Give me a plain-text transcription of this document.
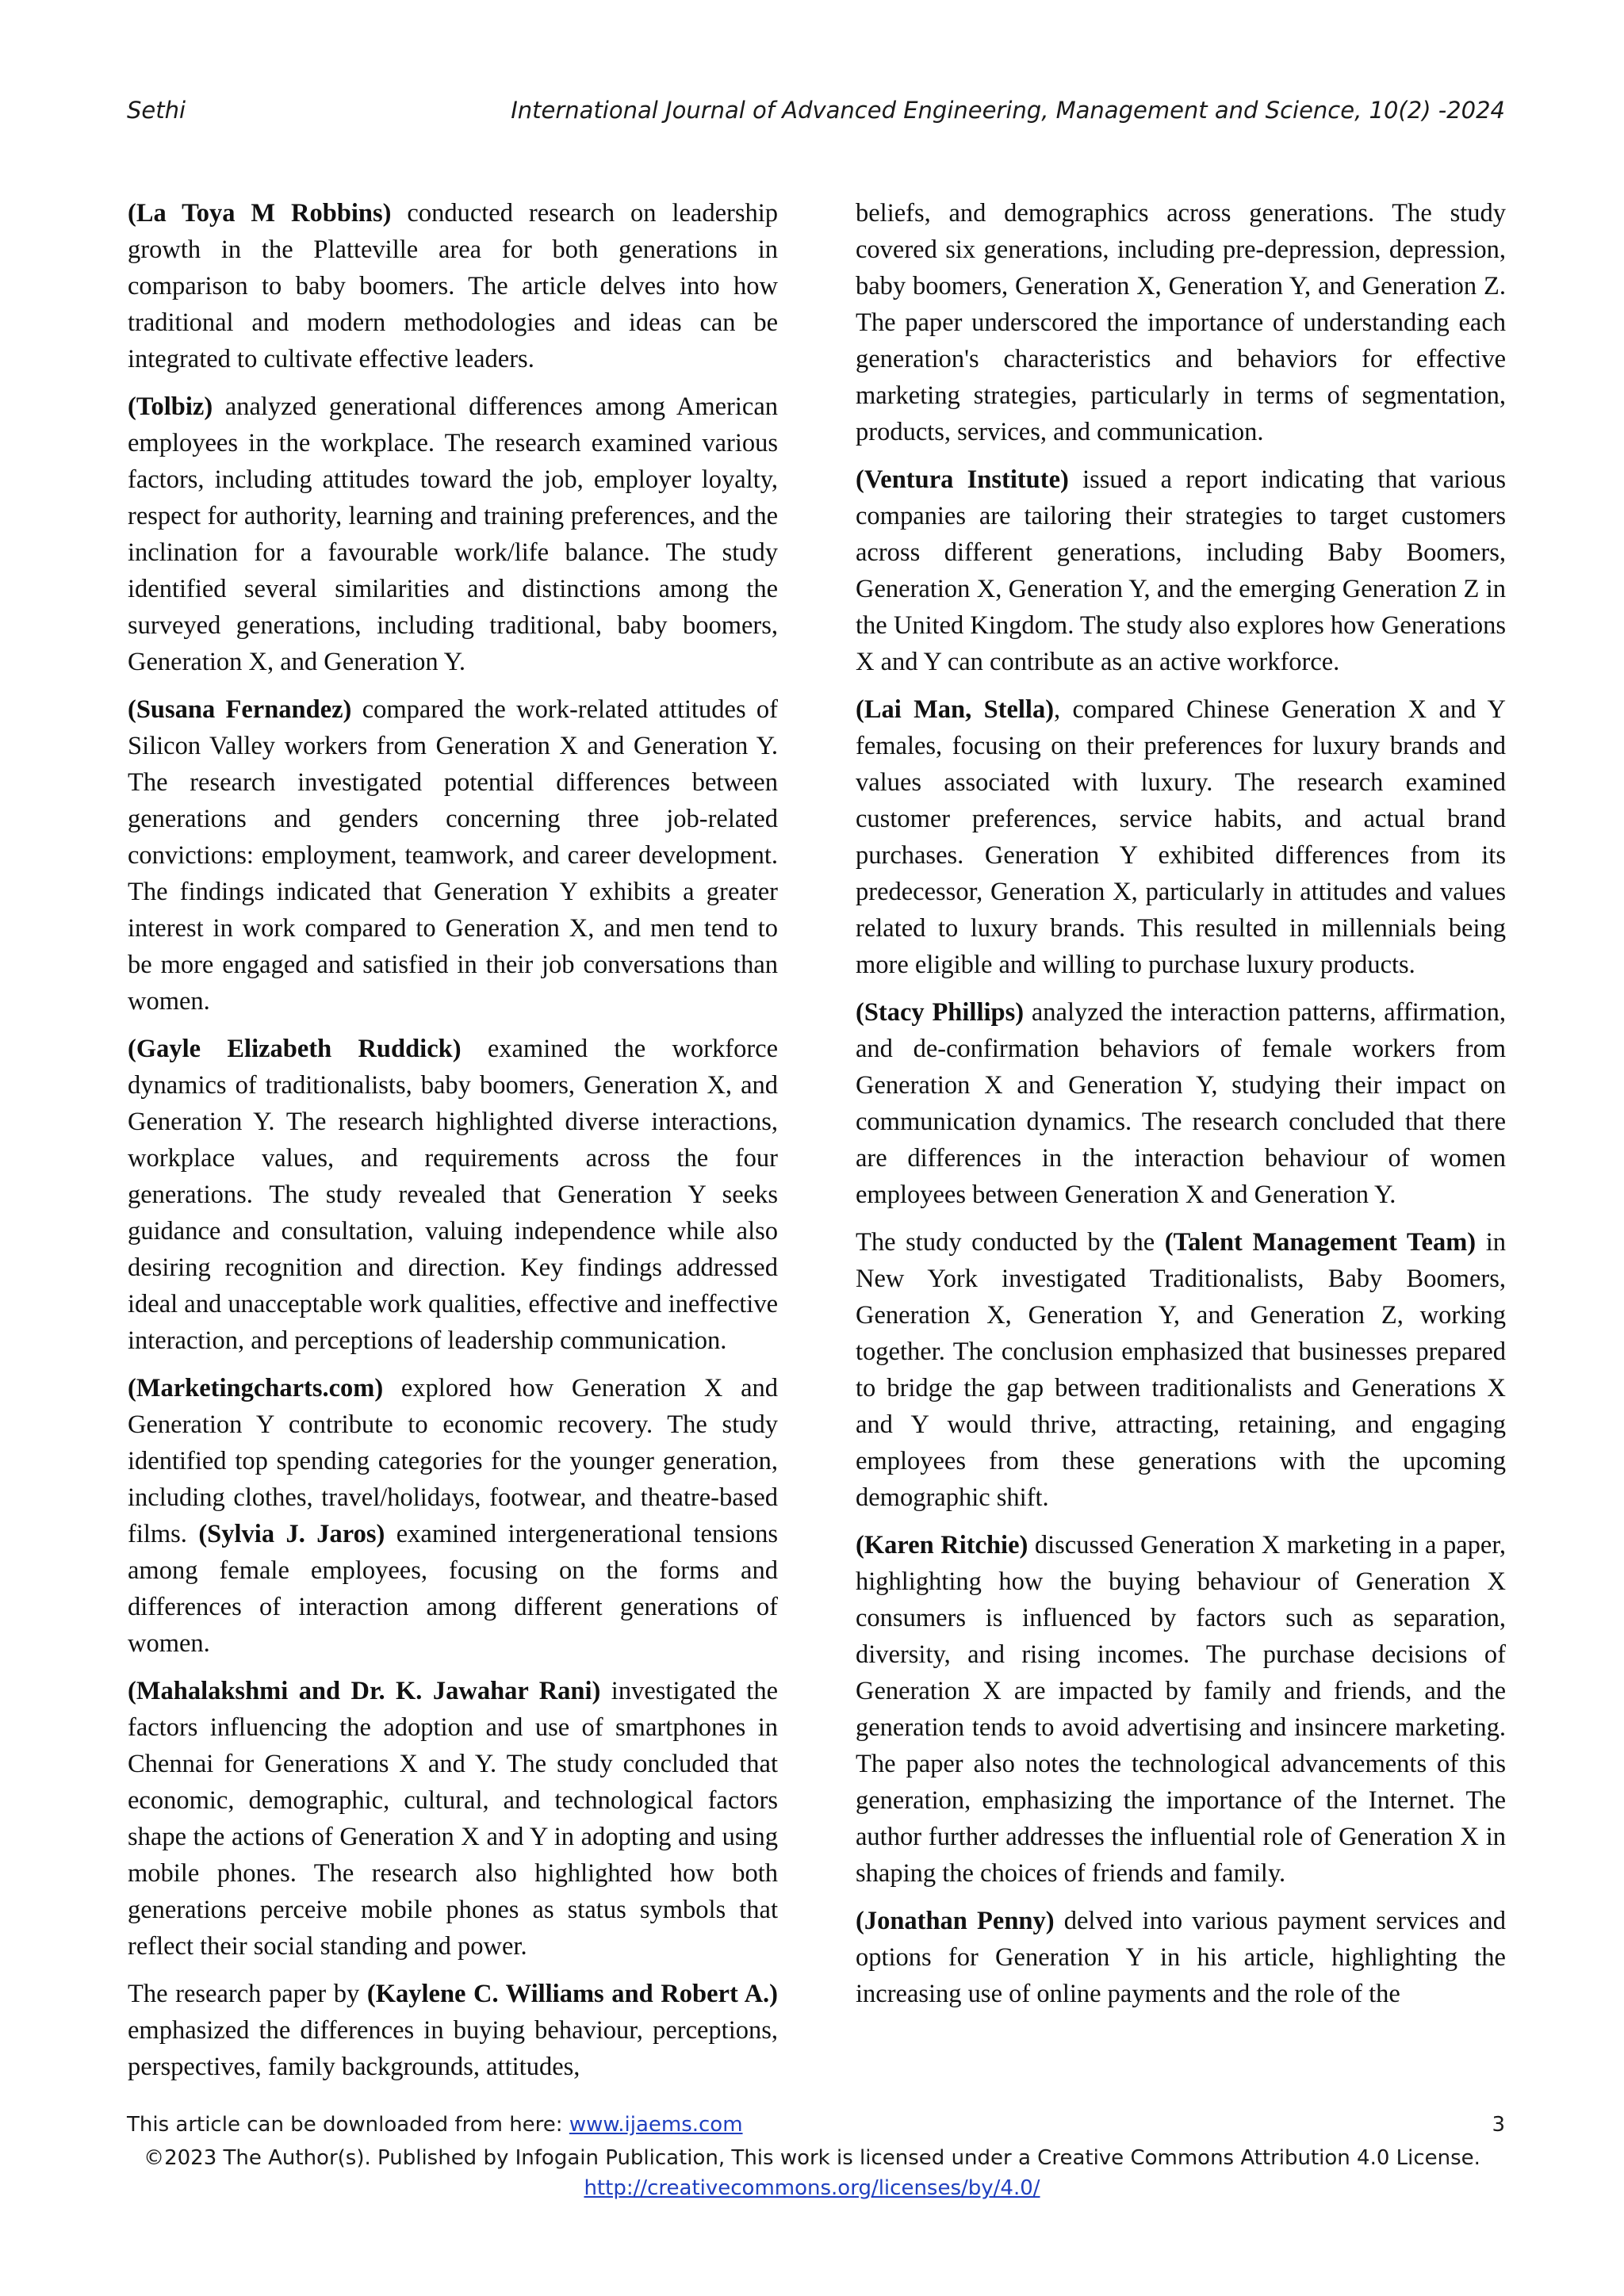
Sethi	International Journal of Advanced Engineering, Management and Science, 10(2) -2024

(La Toya M Robbins) conducted research on leadership growth in the Platteville area for both generations in comparison to baby boomers. The article delves into how traditional and modern methodologies and ideas can be integrated to cultivate effective leaders.

(Tolbiz) analyzed generational differences among American employees in the workplace. The research examined various factors, including attitudes toward the job, employer loyalty, respect for authority, learning and training preferences, and the inclination for a favourable work/life balance. The study identified several similarities and distinctions among the surveyed generations, including traditional, baby boomers, Generation X, and Generation Y.

(Susana Fernandez) compared the work-related attitudes of Silicon Valley workers from Generation X and Generation Y. The research investigated potential differences between generations and genders concerning three job-related convictions: employment, teamwork, and career development. The findings indicated that Generation Y exhibits a greater interest in work compared to Generation X, and men tend to be more engaged and satisfied in their job conversations than women.

(Gayle Elizabeth Ruddick) examined the workforce dynamics of traditionalists, baby boomers, Generation X, and Generation Y. The research highlighted diverse interactions, workplace values, and requirements across the four generations. The study revealed that Generation Y seeks guidance and consultation, valuing independence while also desiring recognition and direction. Key findings addressed ideal and unacceptable work qualities, effective and ineffective interaction, and perceptions of leadership communication.

(Marketingcharts.com) explored how Generation X and Generation Y contribute to economic recovery. The study identified top spending categories for the younger generation, including clothes, travel/holidays, footwear, and theatre-based films. (Sylvia J. Jaros) examined intergenerational tensions among female employees, focusing on the forms and differences of interaction among different generations of women.

(Mahalakshmi and Dr. K. Jawahar Rani) investigated the factors influencing the adoption and use of smartphones in Chennai for Generations X and Y. The study concluded that economic, demographic, cultural, and technological factors shape the actions of Generation X and Y in adopting and using mobile phones. The research also highlighted how both generations perceive mobile phones as status symbols that reflect their social standing and power.

The research paper by (Kaylene C. Williams and Robert A.) emphasized the differences in buying behaviour, perceptions, perspectives, family backgrounds, attitudes,

beliefs, and demographics across generations. The study covered six generations, including pre-depression, depression, baby boomers, Generation X, Generation Y, and Generation Z. The paper underscored the importance of understanding each generation's characteristics and behaviors for effective marketing strategies, particularly in terms of segmentation, products, services, and communication.

(Ventura Institute) issued a report indicating that various companies are tailoring their strategies to target customers across different generations, including Baby Boomers, Generation X, Generation Y, and the emerging Generation Z in the United Kingdom. The study also explores how Generations X and Y can contribute as an active workforce.

(Lai Man, Stella), compared Chinese Generation X and Y females, focusing on their preferences for luxury brands and values associated with luxury. The research examined customer preferences, service habits, and actual brand purchases. Generation Y exhibited differences from its predecessor, Generation X, particularly in attitudes and values related to luxury brands. This resulted in millennials being more eligible and willing to purchase luxury products.

(Stacy Phillips) analyzed the interaction patterns, affirmation, and de-confirmation behaviors of female workers from Generation X and Generation Y, studying their impact on communication dynamics. The research concluded that there are differences in the interaction behaviour of women employees between Generation X and Generation Y.

The study conducted by the (Talent Management Team) in New York investigated Traditionalists, Baby Boomers, Generation X, Generation Y, and Generation Z, working together. The conclusion emphasized that businesses prepared to bridge the gap between traditionalists and Generations X and Y would thrive, attracting, retaining, and engaging employees from these generations with the upcoming demographic shift.

(Karen Ritchie) discussed Generation X marketing in a paper, highlighting how the buying behaviour of Generation X consumers is influenced by factors such as separation, diversity, and rising incomes. The purchase decisions of Generation X are impacted by family and friends, and the generation tends to avoid advertising and insincere marketing. The paper also notes the technological advancements of this generation, emphasizing the importance of the Internet. The author further addresses the influential role of Generation X in shaping the choices of friends and family.

(Jonathan Penny) delved into various payment services and options for Generation Y in his article, highlighting the increasing use of online payments and the role of the

This article can be downloaded from here: www.ijaems.com	3
©2023 The Author(s). Published by Infogain Publication, This work is licensed under a Creative Commons Attribution 4.0 License.
http://creativecommons.org/licenses/by/4.0/
